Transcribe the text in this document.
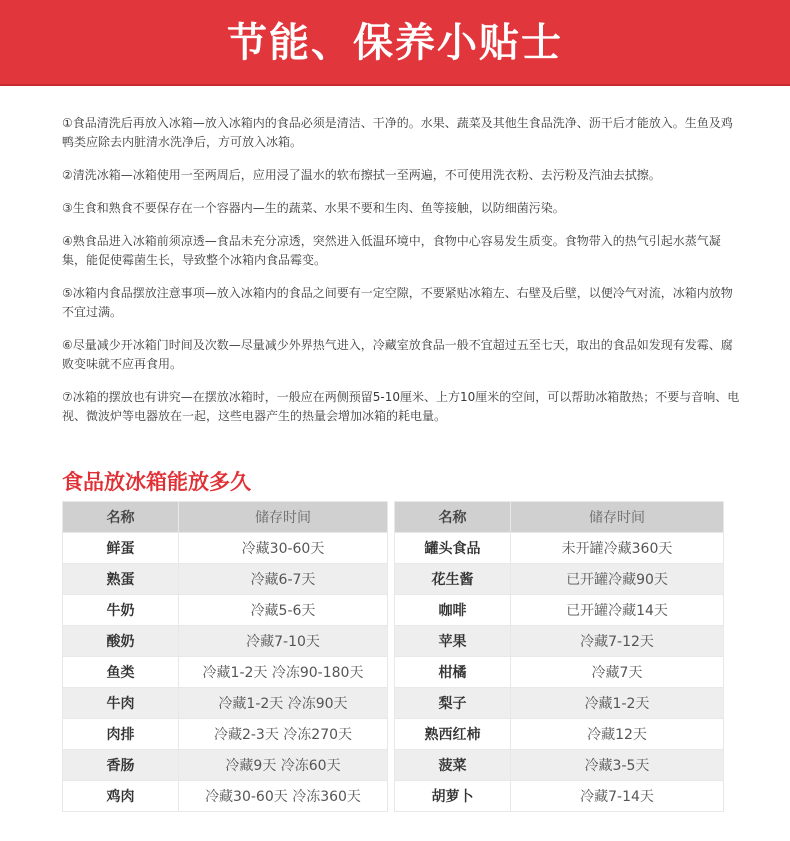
节能、保养小贴士

①食品清洗后再放入冰箱—放入冰箱内的食品必须是清洁、干净的。水果、蔬菜及其他生食品洗净、沥干后才能放入。生鱼及鸡鸭类应除去内脏清水洗净后，方可放入冰箱。

②清洗冰箱—冰箱使用一至两周后，应用浸了温水的软布擦拭一至两遍，不可使用洗衣粉、去污粉及汽油去拭擦。

③生食和熟食不要保存在一个容器内—生的蔬菜、水果不要和生肉、鱼等接触，以防细菌污染。

④熟食品进入冰箱前须凉透—食品未充分凉透，突然进入低温环境中，食物中心容易发生质变。食物带入的热气引起水蒸气凝集，能促使霉菌生长，导致整个冰箱内食品霉变。

⑤冰箱内食品摆放注意事项—放入冰箱内的食品之间要有一定空隙，不要紧贴冰箱左、右壁及后壁，以便冷气对流，冰箱内放物不宜过满。

⑥尽量减少开冰箱门时间及次数—尽量减少外界热气进入，冷藏室放食品一般不宜超过五至七天，取出的食品如发现有发霉、腐败变味就不应再食用。

⑦冰箱的摆放也有讲究—在摆放冰箱时，一般应在两侧预留5-10厘米、上方10厘米的空间，可以帮助冰箱散热；不要与音响、电视、微波炉等电器放在一起，这些电器产生的热量会增加冰箱的耗电量。

食品放冰箱能放多久
名称	储存时间		名称	储存时间
鲜蛋	冷藏30-60天		罐头食品	未开罐冷藏360天
熟蛋	冷藏6-7天		花生酱	已开罐冷藏90天
牛奶	冷藏5-6天		咖啡	已开罐冷藏14天
酸奶	冷藏7-10天		苹果	冷藏7-12天
鱼类	冷藏1-2天 冷冻90-180天		柑橘	冷藏7天
牛肉	冷藏1-2天 冷冻90天		梨子	冷藏1-2天
肉排	冷藏2-3天 冷冻270天		熟西红柿	冷藏12天
香肠	冷藏9天 冷冻60天		菠菜	冷藏3-5天
鸡肉	冷藏30-60天 冷冻360天		胡萝卜	冷藏7-14天
